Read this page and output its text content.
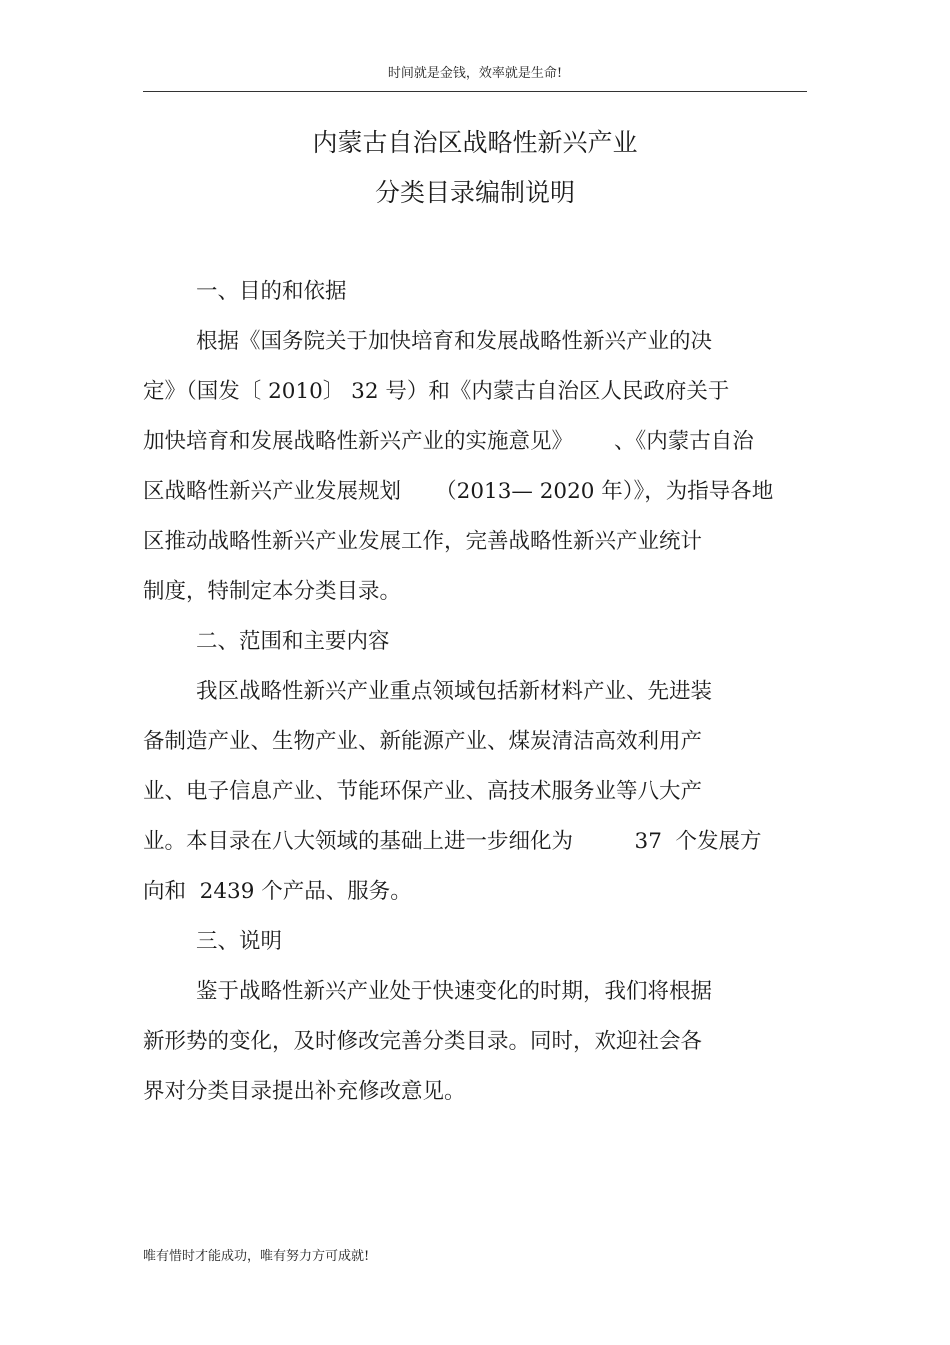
时间就是金钱，效率就是生命!
内蒙古自治区战略性新兴产业
分类目录编制说明
一、目的和依据
根据《国务院关于加快培育和发展战略性新兴产业的决
定》（国发〔 2010〕 32 号）和《内蒙古自治区人民政府关于
加快培育和发展战略性新兴产业的实施意见》      、《内蒙古自治
区战略性新兴产业发展规划     （2013— 2020 年）》，为指导各地
区推动战略性新兴产业发展工作，完善战略性新兴产业统计
制度，特制定本分类目录。
二、范围和主要内容
我区战略性新兴产业重点领域包括新材料产业、先进装
备制造产业、生物产业、新能源产业、煤炭清洁高效利用产
业、电子信息产业、节能环保产业、高技术服务业等八大产
业。本目录在八大领域的基础上进一步细化为         37  个发展方
向和  2439 个产品、服务。
三、说明
鉴于战略性新兴产业处于快速变化的时期，我们将根据
新形势的变化，及时修改完善分类目录。同时，欢迎社会各
界对分类目录提出补充修改意见。
唯有惜时才能成功，唯有努力方可成就!
